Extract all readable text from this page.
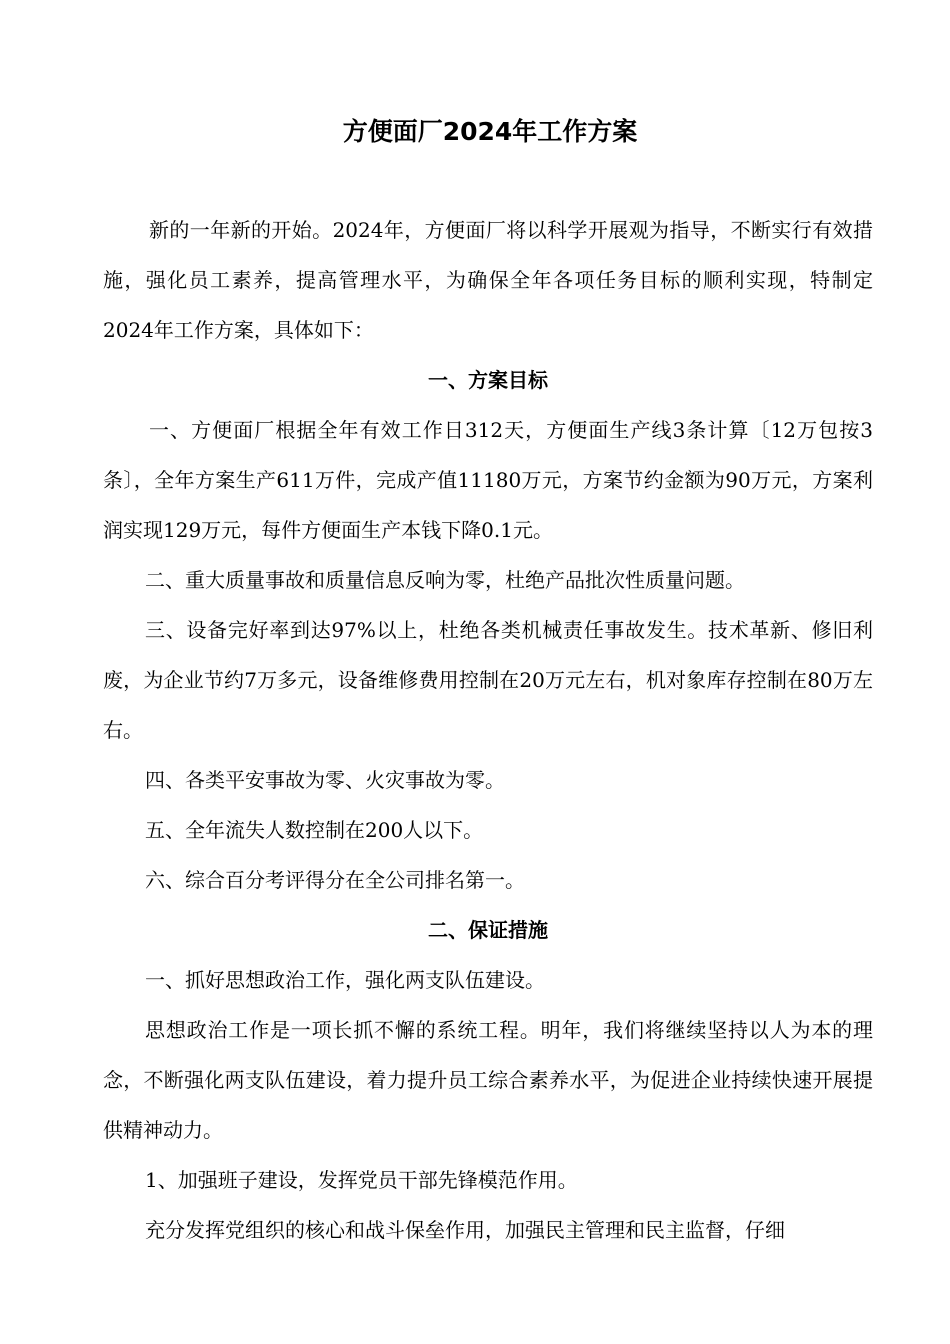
方便面厂2024年工作方案

新的一年新的开始。2024年，方便面厂将以科学开展观为指导，不断实行有效措施，强化员工素养，提高管理水平，为确保全年各项任务目标的顺利实现，特制定2024年工作方案，具体如下：

一、方案目标

一、方便面厂根据全年有效工作日312天，方便面生产线3条计算〔12万包按3条〕，全年方案生产611万件，完成产值11180万元，方案节约金额为90万元，方案利润实现129万元，每件方便面生产本钱下降0.1元。

二、重大质量事故和质量信息反响为零，杜绝产品批次性质量问题。

三、设备完好率到达97%以上，杜绝各类机械责任事故发生。技术革新、修旧利废，为企业节约7万多元，设备维修费用控制在20万元左右，机对象库存控制在80万左右。

四、各类平安事故为零、火灾事故为零。

五、全年流失人数控制在200人以下。

六、综合百分考评得分在全公司排名第一。

二、保证措施

一、抓好思想政治工作，强化两支队伍建设。

思想政治工作是一项长抓不懈的系统工程。明年，我们将继续坚持以人为本的理念，不断强化两支队伍建设，着力提升员工综合素养水平，为促进企业持续快速开展提供精神动力。

1、加强班子建设，发挥党员干部先锋模范作用。

充分发挥党组织的核心和战斗保垒作用，加强民主管理和民主监督，仔细
